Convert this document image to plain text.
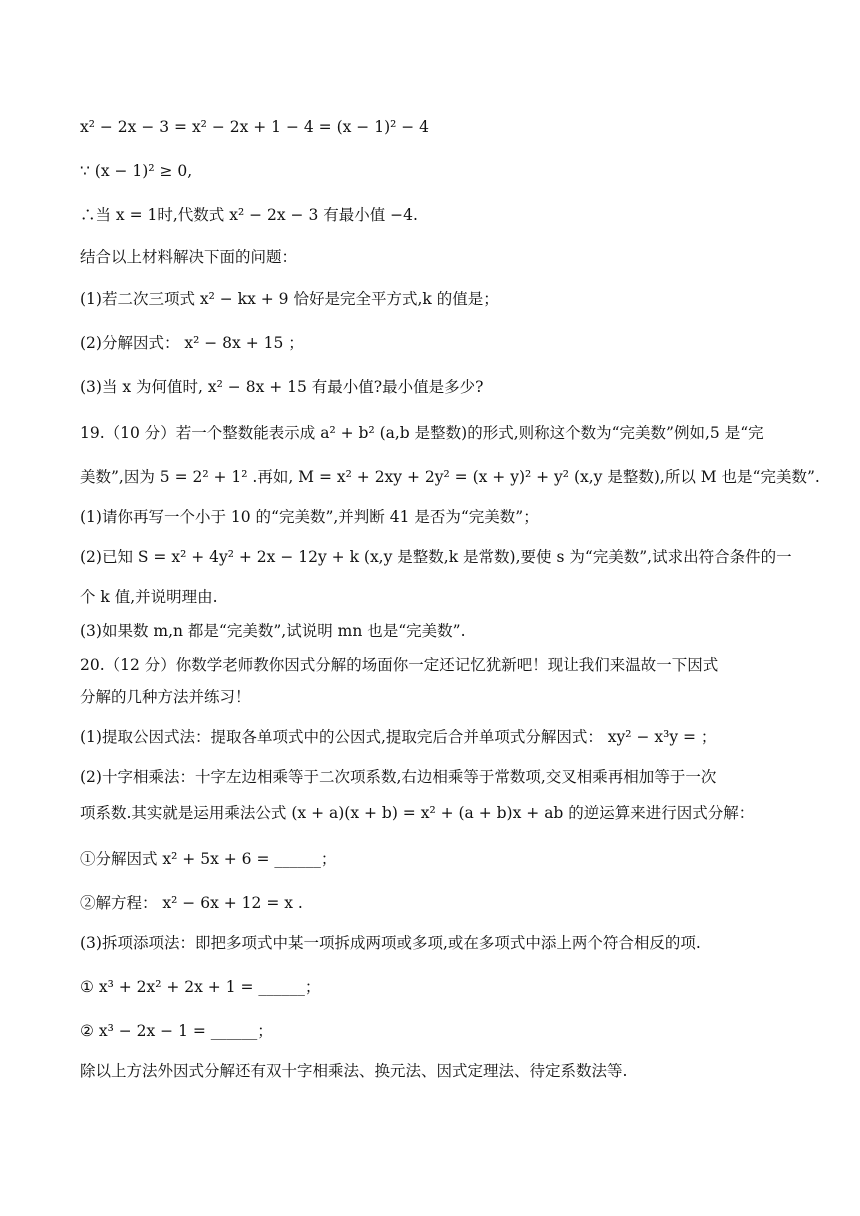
x² − 2x − 3 = x² − 2x + 1 − 4 = (x − 1)² − 4
∵ (x − 1)² ≥ 0,
∴当 x = 1时,代数式 x² − 2x − 3 有最小值 −4.
结合以上材料解决下面的问题：
(1)若二次三项式 x² − kx + 9 恰好是完全平方式,k 的值是；
(2)分解因式： x² − 8x + 15 ；
(3)当 x 为何值时, x² − 8x + 15 有最小值?最小值是多少?
19.（10 分）若一个整数能表示成 a² + b² (a,b 是整数)的形式,则称这个数为“完美数”例如,5 是“完
美数”,因为 5 = 2² + 1² .再如, M = x² + 2xy + 2y² = (x + y)² + y² (x,y 是整数),所以 M 也是“完美数”.
(1)请你再写一个小于 10 的“完美数”,并判断 41 是否为“完美数”；
(2)已知 S = x² + 4y² + 2x − 12y + k (x,y 是整数,k 是常数),要使 s 为“完美数”,试求出符合条件的一
个 k 值,并说明理由.
(3)如果数 m,n 都是“完美数”,试说明 mn 也是“完美数”.
20.（12 分）你数学老师教你因式分解的场面你一定还记忆犹新吧！现让我们来温故一下因式
分解的几种方法并练习！
(1)提取公因式法：提取各单项式中的公因式,提取完后合并单项式分解因式： xy² − x³y = ；
(2)十字相乘法：十字左边相乘等于二次项系数,右边相乘等于常数项,交叉相乘再相加等于一次
项系数.其实就是运用乘法公式 (x + a)(x + b) = x² + (a + b)x + ab 的逆运算来进行因式分解：
①分解因式 x² + 5x + 6 = ______；
②解方程： x² − 6x + 12 = x .
(3)拆项添项法：即把多项式中某一项拆成两项或多项,或在多项式中添上两个符合相反的项.
① x³ + 2x² + 2x + 1 = ______；
② x³ − 2x − 1 = ______；
除以上方法外因式分解还有双十字相乘法、换元法、因式定理法、待定系数法等.
